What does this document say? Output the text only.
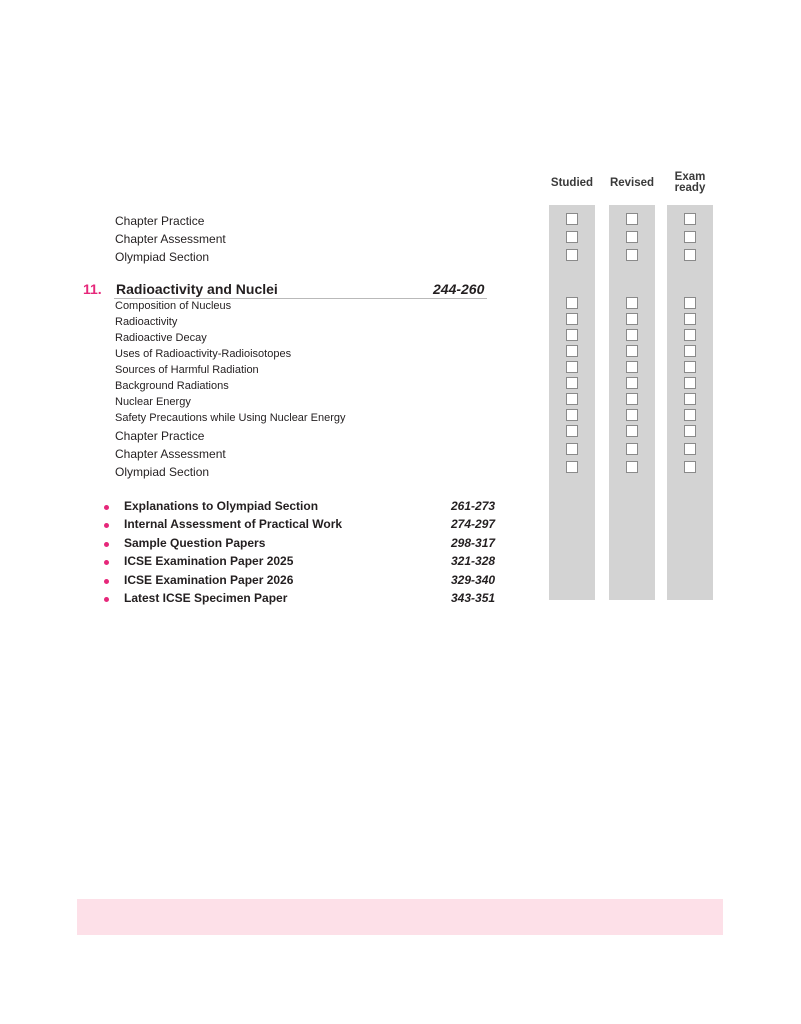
Studied Revised	Exam
ready
Chapter Practice
Chapter Assessment
Olympiad Section
11. Radioactivity and Nuclei	244-260
Composition of Nucleus
Radioactivity
Radioactive Decay
Uses of Radioactivity-Radioisotopes
Sources of Harmful Radiation
Background Radiations
Nuclear Energy
Safety Precautions while Using Nuclear Energy
Chapter Practice
Chapter Assessment
Olympiad Section
Explanations to Olympiad Section	261-273
Internal Assessment of Practical Work	274-297
Sample Question Papers	298-317
ICSE Examination Paper 2025	321-328
ICSE Examination Paper 2026	329-340
Latest ICSE Specimen Paper	343-351
